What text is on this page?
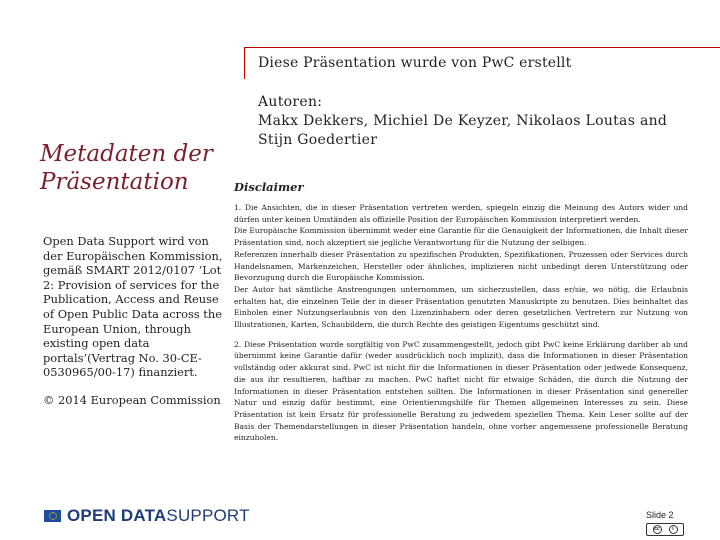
Diese Präsentation wurde von PwC erstellt
Autoren:
Makx Dekkers, Michiel De Keyzer, Nikolaos Loutas and Stijn Goedertier
Metadaten der Präsentation
Open Data Support wird von der Europäischen Kommission, gemäß SMART 2012/0107 ‘Lot 2: Provision of services for the Publication, Access and Reuse of Open Public Data across the European Union, through existing open data portals’(Vertrag No. 30-CE-0530965/00-17) finanziert.
© 2014 European Commission
Disclaimer

1. Die Ansichten, die in dieser Präsentation vertreten werden, spiegeln einzig die Meinung des Autors wider und dürfen unter keinen Umständen als offizielle Position der Europäischen Kommission interpretiert werden.

Die Europäische Kommission übernimmt weder eine Garantie für die Genauigkeit der Informationen, die Inhalt dieser Präsentation sind, noch akzeptiert sie jegliche Verantwortung für die Nutzung der selbigen.

Referenzen innerhalb dieser Präsentation zu spezifischen Produkten, Spezifikationen, Prozessen oder Services durch Handelsnamen, Markenzeichen, Hersteller oder ähnliches, implizieren nicht unbedingt deren Unterstützung oder Bevorzugung durch die Europäische Kommission.

Der Autor hat sämtliche Anstrengungen unternommen, um sicherzustellen, dass er/sie, wo nötig, die Erlaubnis erhalten hat, die einzelnen Teile der in dieser Präsentation genutzten Manuskripte zu benutzen. Dies beinhaltet das Einholen einer Nutzungserlaubnis von den Lizenzinhabern oder deren gesetzlichen Vertretern zur Nutzung von Illustrationen, Karten, Schaubildern, die durch Rechte des geistigen Eigentums geschützt sind.

2. Diese Präsentation wurde sorgfältig von PwC zusammengestellt, jedoch gibt PwC keine Erklärung darüber ab und übernimmt keine Garantie dafür (weder ausdrücklich noch implizit), dass die Informationen in dieser Präsentation vollständig oder akkurat sind. PwC ist nicht für die Informationen in dieser Präsentation oder jedwede Konsequenz, die aus ihr resultieren, haftbar zu machen. PwC haftet nicht für etwaige Schäden, die durch die Nutzung der Informationen in dieser Präsentation entstehen sollten. Die Informationen in dieser Präsentation sind genereller Natur und einzig dafür bestimmt, eine Orientierungshilfe für Themen allgemeinen Interesses zu sein. Diese Präsentation ist kein Ersatz für professionelle Beratung zu jedwedem speziellen Thema. Kein Leser sollte auf der Basis der Themendarstellungen in dieser Präsentation handeln, ohne vorher angemessene professionelle Beratung einzuholen.

OPEN DATASUPPORT	Slide 2
cc	i
